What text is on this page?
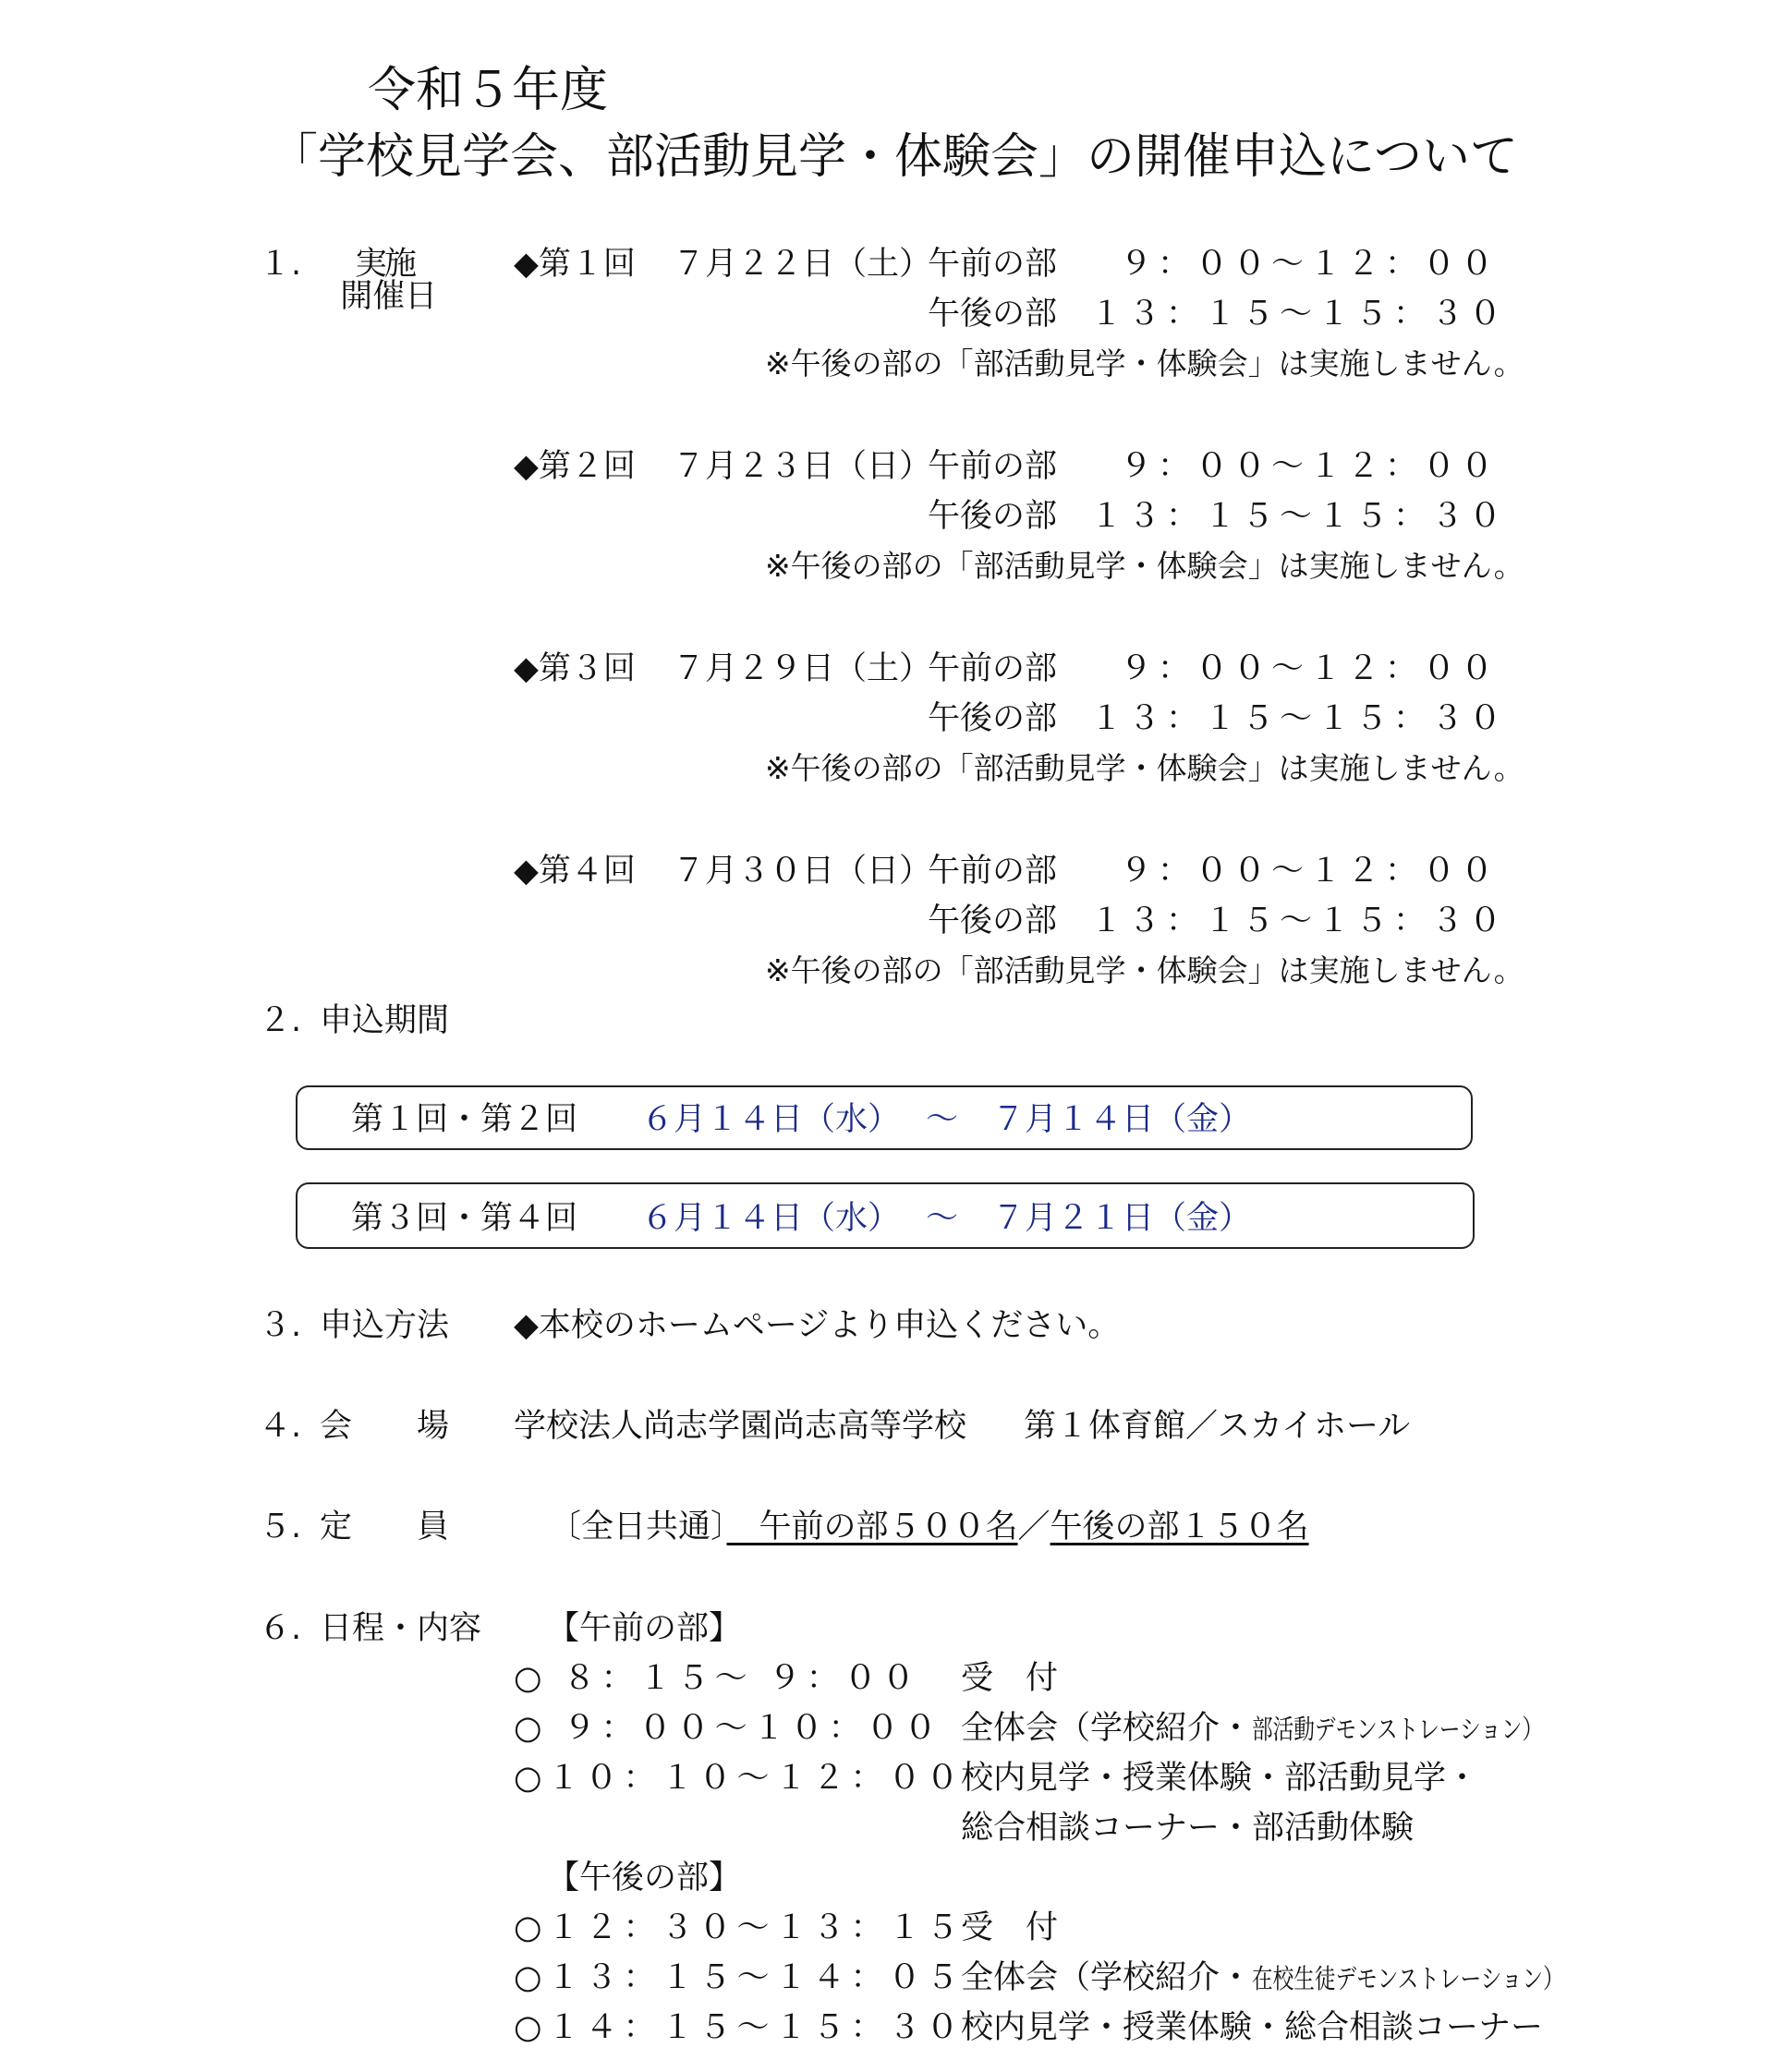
令和５年度
「学校見学会、部活動見学・体験会」の開催申込について
１.

開催日

実施	◆第１回 ７月２２日（土）
午前の部 ９：００～１２：００
午後の部 １３：１５～１５：３０
※午後の部の「部活動見学・体験会」は実施しません。
◆第２回 ７月２３日（日）
午前の部 ９：００～１２：００
午後の部 １３：１５～１５：３０
※午後の部の「部活動見学・体験会」は実施しません。
◆第３回 ７月２９日（土）
午前の部 ９：００～１２：００
午後の部 １３：１５～１５：３０
※午後の部の「部活動見学・体験会」は実施しません。
◆第４回 ７月３０日（日）
午前の部 ９：００～１２：００
午後の部 １３：１５～１５：３０
※午後の部の「部活動見学・体験会」は実施しません。
２. 申込期間
第１回・第２回 ６月１４日（水） ～ ７月１４日（金）
第３回・第４回 ６月１４日（水） ～ ７月２１日（金）
３. 申込方法 ◆本校のホームページより申込ください。
４. 会　　場 学校法人尚志学園尚志高等学校 第１体育館／スカイホール
５. 定　　員	〔全日共通〕　午前の部５００名／午後の部１５０名
６. 日程・内容 【午前の部】
○ ８：１５～ ９：００ 受　付
○ ９：００～１０：００ 全体会（学校紹介・部活動デモンストレーション）
○１０：１０～１２：００
校内見学・授業体験・部活動見学・
総合相談コーナー・部活動体験
【午後の部】
○１２：３０～１３：１５
受　付
○１３：１５～１４：０５
全体会（学校紹介・在校生徒デモンストレーション）
○１４：１５～１５：３０
校内見学・授業体験・総合相談コーナー
